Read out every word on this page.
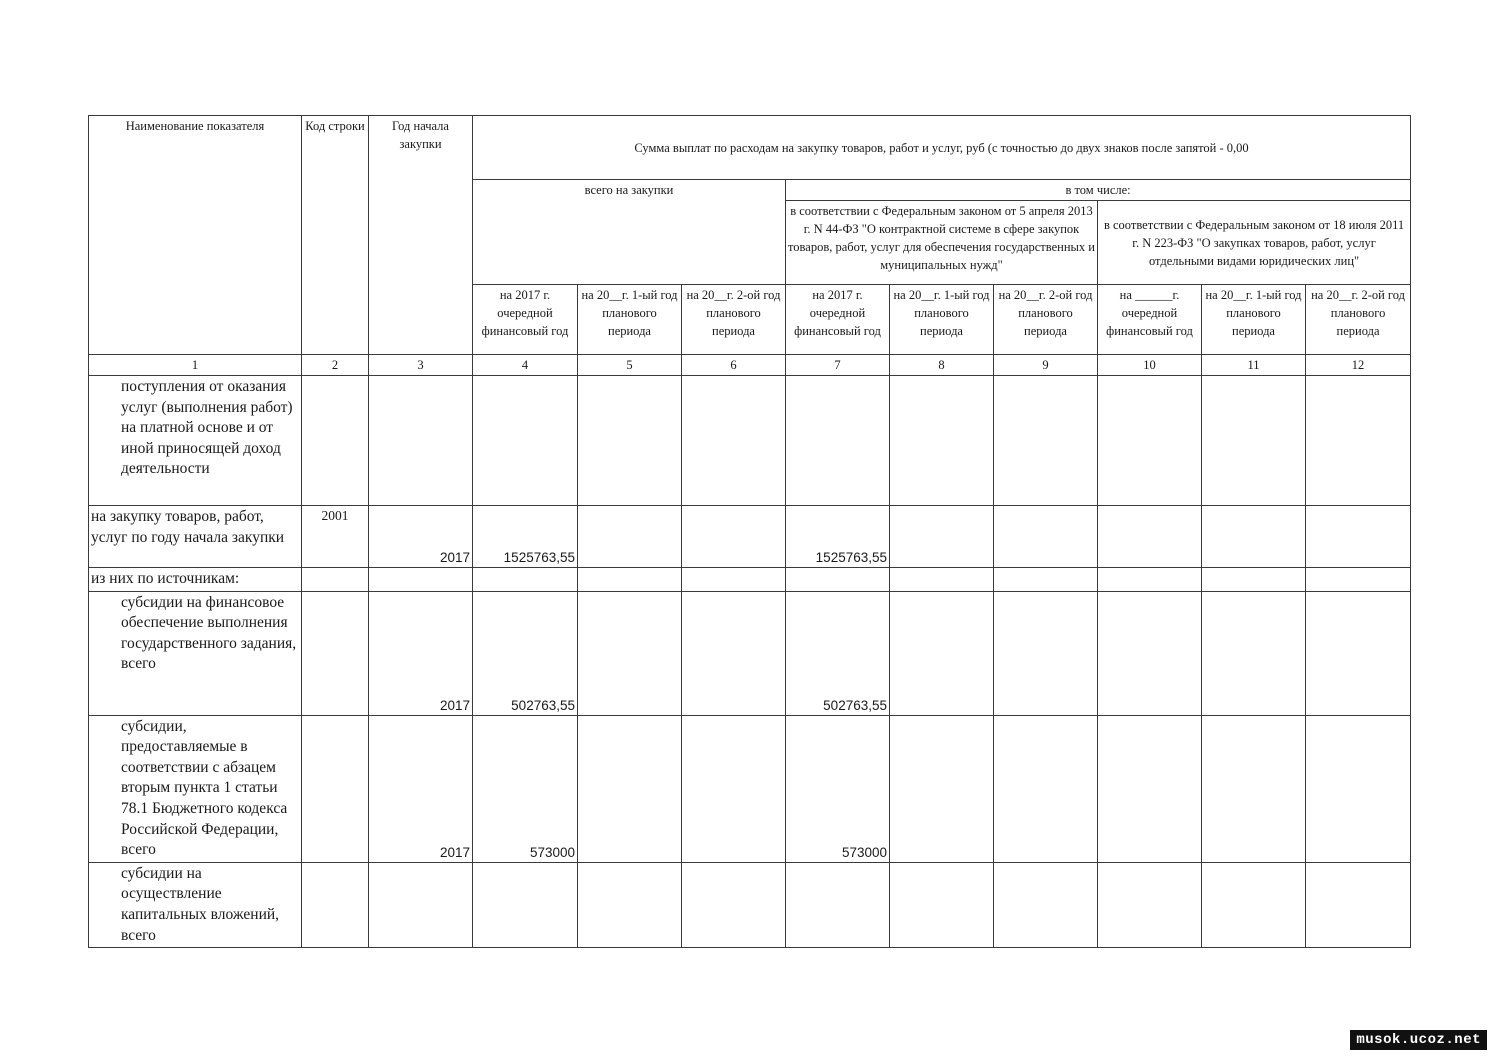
Наименование показателя	Код строки	Год начала закупки	Сумма выплат по расходам на закупку товаров, работ и услуг, руб (с точностью до двух знаков после запятой - 0,00								
			всего на закупки			в том числе:					
						в соответствии с Федеральным законом от 5 апреля 2013 г. N 44-ФЗ "О контрактной системе в сфере закупок товаров, работ, услуг для обеспечения государственных и муниципальных нужд"			в соответствии с Федеральным законом от 18 июля 2011 г. N 223-ФЗ "О закупках товаров, работ, услуг отдельными видами юридических лиц"		
			на 2017 г. очередной финансовый год	на 20__г. 1-ый год планового периода	на 20__г. 2-ой год планового периода	на 2017 г. очередной финансовый год	на 20__г. 1-ый год планового периода	на 20__г. 2-ой год планового периода	на ______г. очередной финансовый год	на 20__г. 1-ый год планового периода	на 20__г. 2-ой год планового периода
1	2	3	4	5	6	7	8	9	10	11	12
поступления от оказания услуг (выполнения работ) на платной основе и от иной приносящей доход деятельности											
на закупку товаров, работ, услуг по году начала закупки	2001	2017	1525763,55			1525763,55					
из них по источникам:											
субсидии на финансовое обеспечение выполнения государственного задания, всего		2017	502763,55			502763,55					
субсидии, предоставляемые в соответствии с абзацем вторым пункта 1 статьи 78.1 Бюджетного кодекса Российской Федерации, всего		2017	573000			573000					
субсидии на осуществление капитальных вложений, всего											
musok.ucoz.net
